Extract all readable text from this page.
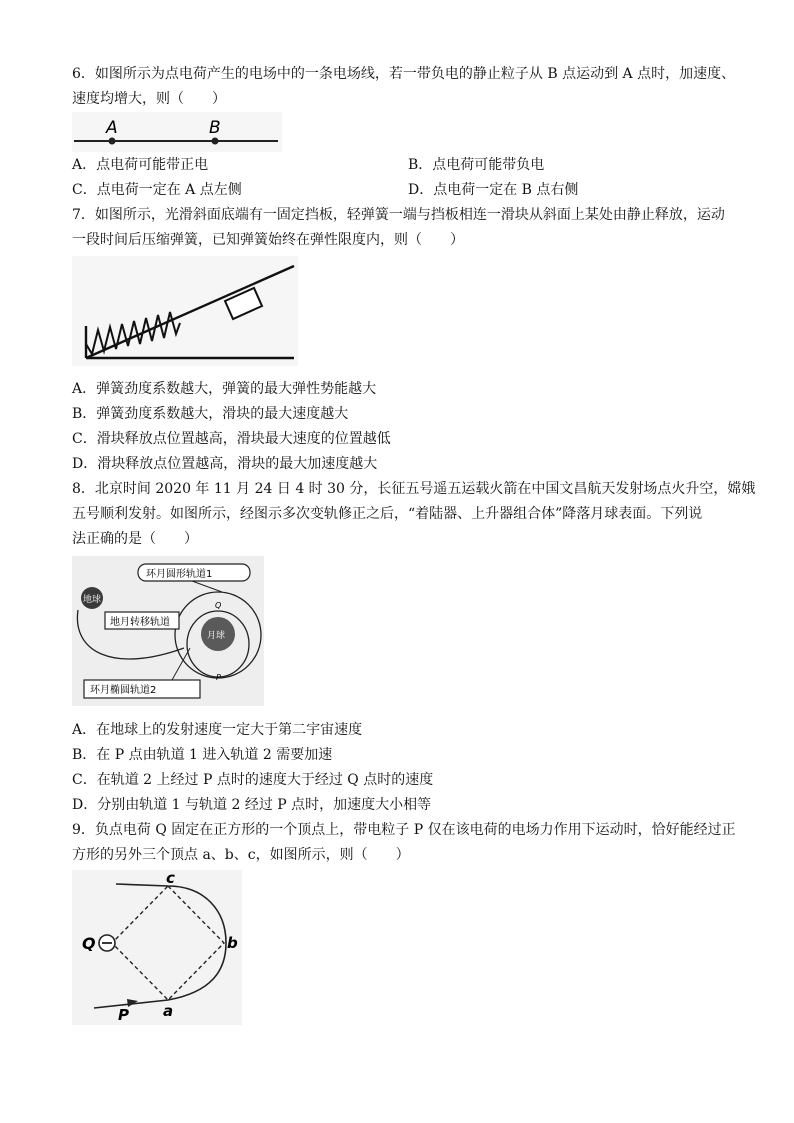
6．如图所示为点电荷产生的电场中的一条电场线，若一带负电的静止粒子从 B 点运动到 A 点时，加速度、
速度均增大，则（　　）
A	B
A．点电荷可能带正电	B．点电荷可能带负电
C．点电荷一定在 A 点左侧	D．点电荷一定在 B 点右侧
7．如图所示，光滑斜面底端有一固定挡板，轻弹簧一端与挡板相连一滑块从斜面上某处由静止释放，运动
一段时间后压缩弹簧，已知弹簧始终在弹性限度内，则（　　）
A．弹簧劲度系数越大，弹簧的最大弹性势能越大
B．弹簧劲度系数越大，滑块的最大速度越大
C．滑块释放点位置越高，滑块最大速度的位置越低
D．滑块释放点位置越高，滑块的最大加速度越大
8．北京时间 2020 年 11 月 24 日 4 时 30 分，长征五号遥五运载火箭在中国文昌航天发射场点火升空，嫦娥
五号顺利发射。如图所示，经图示多次变轨修正之后，“着陆器、上升器组合体”降落月球表面。下列说
法正确的是（　　）
地球
月球
环月圆形轨道1
地月转移轨道
环月椭圆轨道2
Q
P
A．在地球上的发射速度一定大于第二宇宙速度
B．在 P 点由轨道 1 进入轨道 2 需要加速
C．在轨道 2 上经过 P 点时的速度大于经过 Q 点时的速度
D．分别由轨道 1 与轨道 2 经过 P 点时，加速度大小相等
9．负点电荷 Q 固定在正方形的一个顶点上，带电粒子 P 仅在该电荷的电场力作用下运动时，恰好能经过正
方形的另外三个顶点 a、b、c，如图所示，则（　　）
Q
c
b
a
P
